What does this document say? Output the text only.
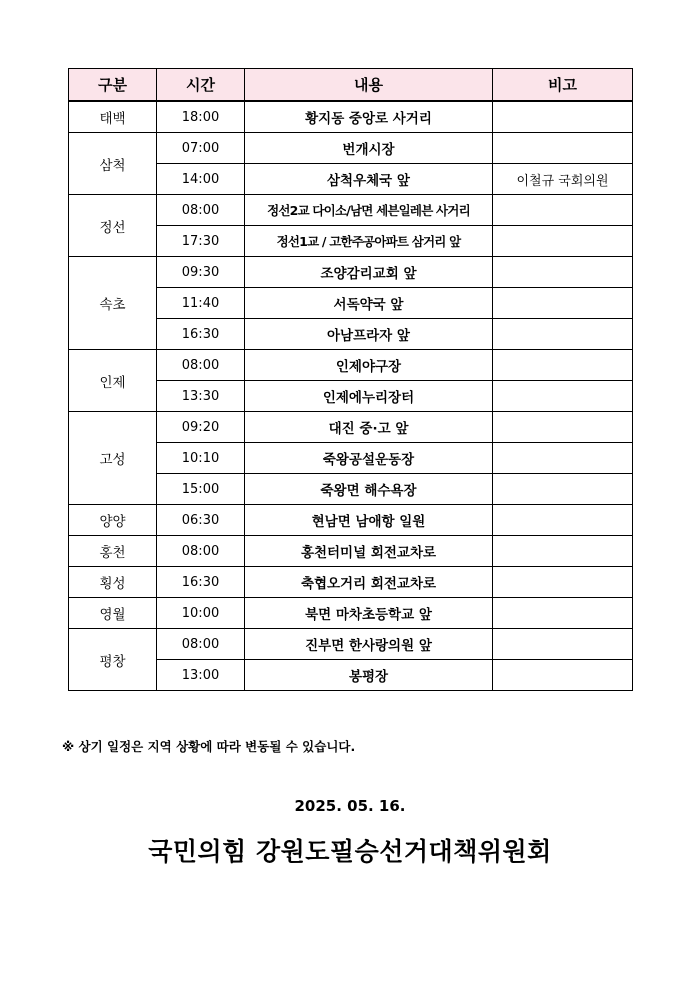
구분	시간	내용	비고
태백	18:00	황지동 중앙로 사거리	
삼척	07:00	번개시장	
	14:00	삼척우체국 앞	이철규 국회의원
정선	08:00	정선2교 다이소/남면 세븐일레븐 사거리	
	17:30	정선1교 / 고한주공아파트 삼거리 앞	
속초	09:30	조양감리교회 앞	
	11:40	서독약국 앞	
	16:30	아남프라자 앞	
인제	08:00	인제야구장	
	13:30	인제에누리장터	
고성	09:20	대진 중·고 앞	
	10:10	죽왕공설운동장	
	15:00	죽왕면 해수욕장	
양양	06:30	현남면 남애항 일원	
홍천	08:00	홍천터미널 회전교차로	
횡성	16:30	축협오거리 회전교차로	
영월	10:00	북면 마차초등학교 앞	
평창	08:00	진부면 한사랑의원 앞	
	13:00	봉평장	
※ 상기 일정은 지역 상황에 따라 변동될 수 있습니다.
2025. 05. 16.
국민의힘 강원도필승선거대책위원회
